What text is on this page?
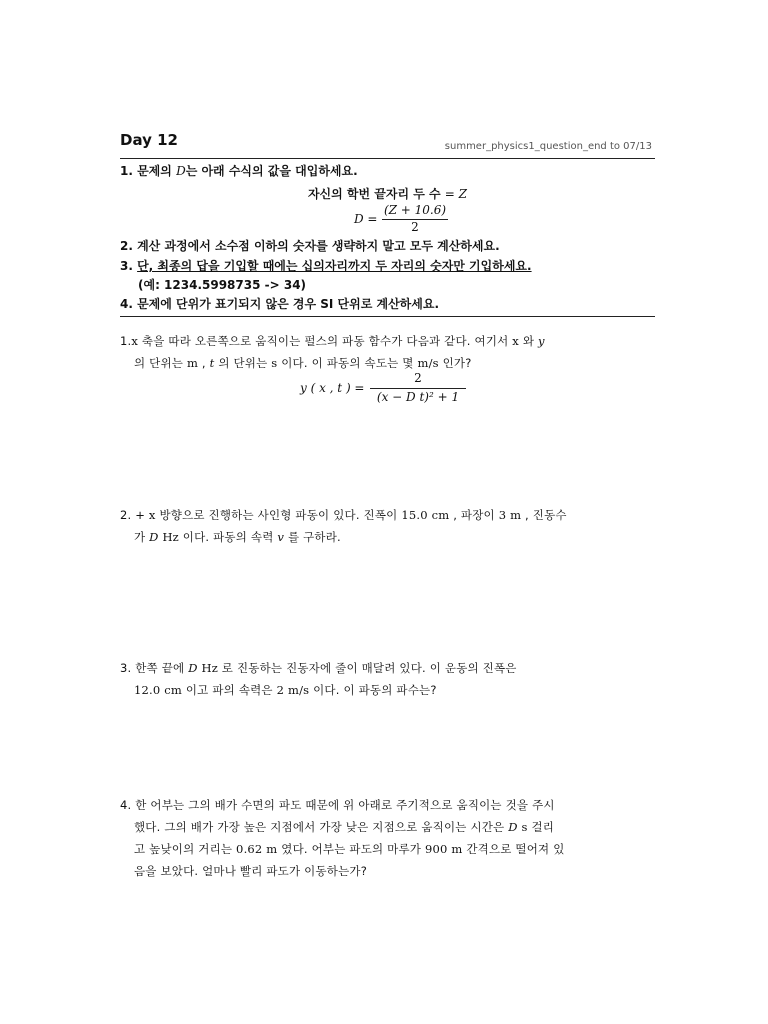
Day 12	summer_physics1_question_end to 07/13
1. 문제의 D는 아래 수식의 값을 대입하세요.
자신의 학번 끝자리 두 수 = Z
D =
(Z + 10.6)
2
2. 계산 과정에서 소수점 이하의 숫자를 생략하지 말고 모두 계산하세요.
3. 단, 최종의 답을 기입할 때에는 십의자리까지 두 자리의 숫자만 기입하세요.
(예: 1234.5998735 -> 34)
4. 문제에 단위가 표기되지 않은 경우 SI 단위로 계산하세요.
1.x 축을 따라 오른쪽으로 움직이는 펄스의 파동 함수가 다음과 같다. 여기서 x 와 y
의 단위는 m , t 의 단위는 s 이다. 이 파동의 속도는 몇 m/s 인가?
y ( x , t ) =
2
(x − D t)² + 1
2. + x 방향으로 진행하는 사인형 파동이 있다. 진폭이 15.0 cm , 파장이 3 m , 진동수
가 D Hz 이다. 파동의 속력 v 를 구하라.
3. 한쪽 끝에 D Hz 로 진동하는 진동자에 줄이 매달려 있다. 이 운동의 진폭은
12.0 cm 이고 파의 속력은 2 m/s 이다. 이 파동의 파수는?
4. 한 어부는 그의 배가 수면의 파도 때문에 위 아래로 주기적으로 움직이는 것을 주시
했다. 그의 배가 가장 높은 지점에서 가장 낮은 지점으로 움직이는 시간은 D s 걸리
고 높낮이의 거리는 0.62 m 였다. 어부는 파도의 마루가 900 m 간격으로 떨어져 있
음을 보았다. 얼마나 빨리 파도가 이동하는가?
